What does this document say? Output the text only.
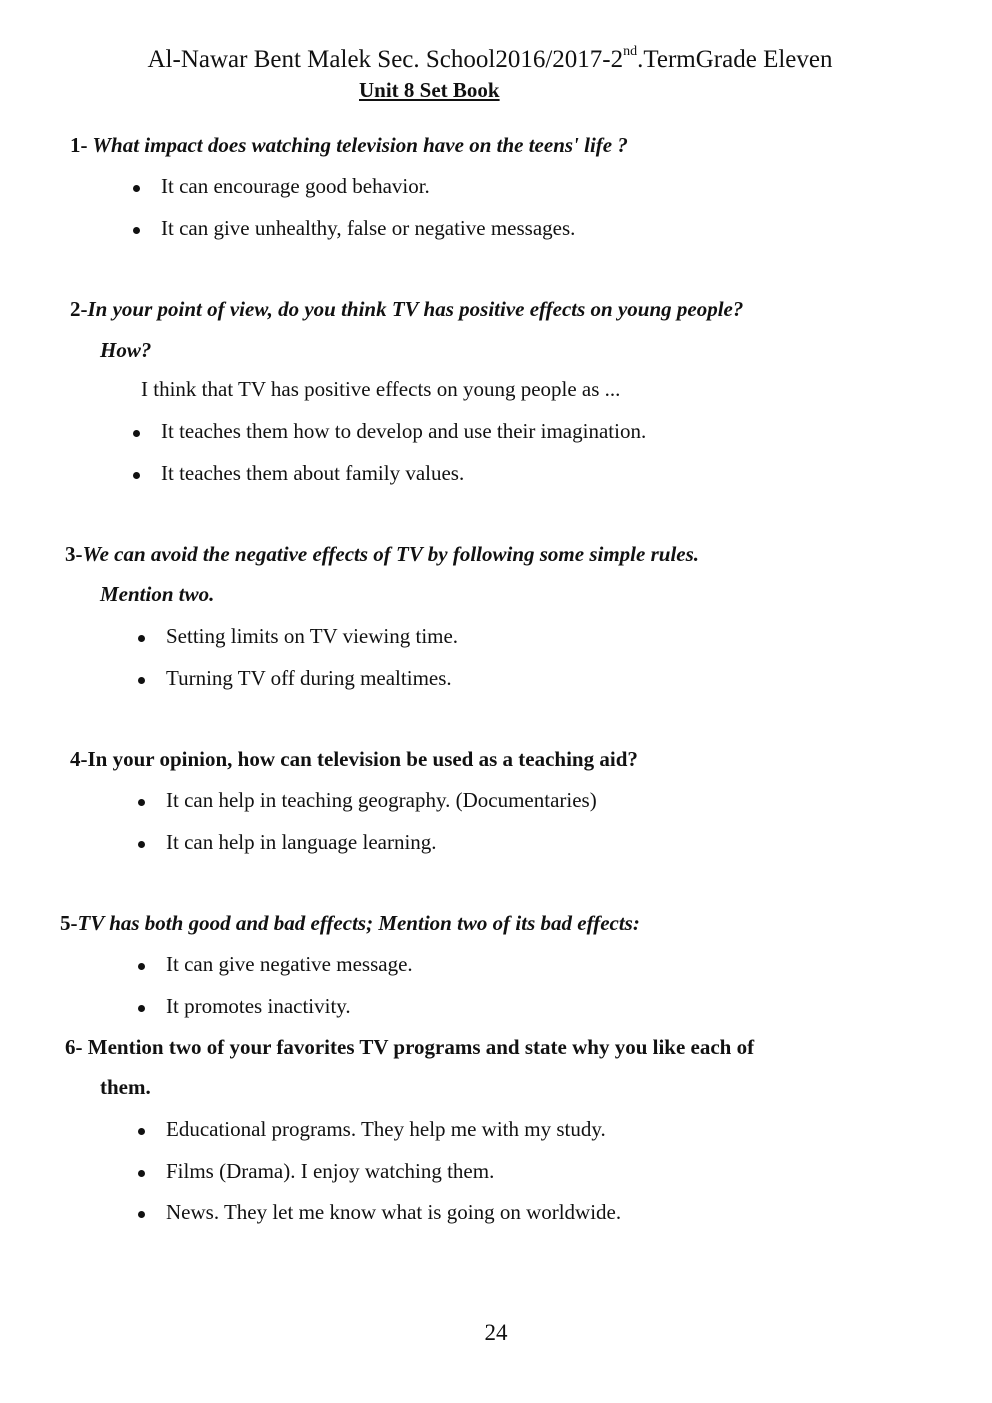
Al-Nawar Bent Malek Sec. School2016/2017-2nd.TermGrade Eleven
Unit 8 Set Book
1- What impact does watching television have on the teens' life ?
It can encourage good behavior.
It can give unhealthy, false or negative messages.
2-In your point of view, do you think TV has positive effects on young people?
How?
I think that TV has positive effects on young people as ...
It teaches them how to develop and use their imagination.
It teaches them about family values.
3-We can avoid the negative effects of TV by following some simple rules.
Mention two.
Setting limits on TV viewing time.
Turning TV off during mealtimes.
4-In your opinion, how can television be used as a teaching aid?
It can help in teaching geography. (Documentaries)
It can help in language learning.
5-TV has both good and bad effects; Mention two of its bad effects:
It can give negative message.
It promotes inactivity.
6- Mention two of your favorites TV programs and state why you like each of
them.
Educational programs. They help me with my study.
Films (Drama). I enjoy watching them.
News. They let me know what is going on worldwide.
24
